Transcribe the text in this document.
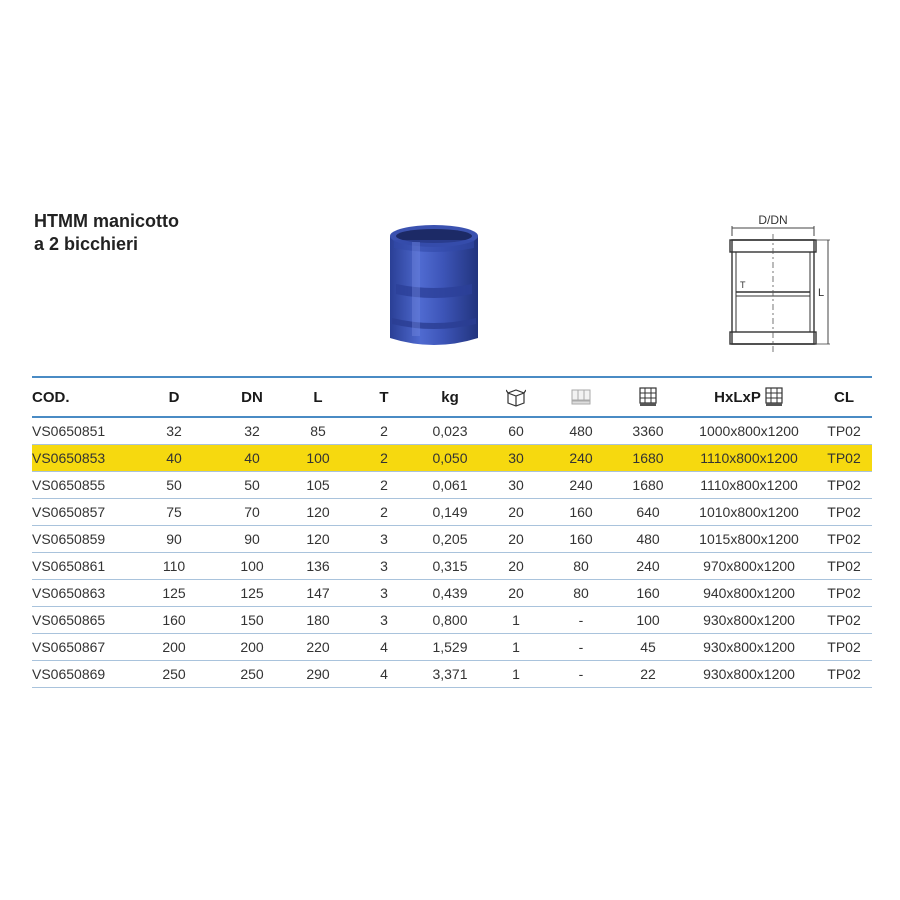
HTMM manicotto
a 2 bicchieri
D/DN
T
L
COD.	D	DN	L	T	kg				HxLxP	CL
VS0650851	32	32	85	2	0,023	60	480	3360	1000x800x1200	TP02
VS0650853	40	40	100	2	0,050	30	240	1680	1110x800x1200	TP02
VS0650855	50	50	105	2	0,061	30	240	1680	1110x800x1200	TP02
VS0650857	75	70	120	2	0,149	20	160	640	1010x800x1200	TP02
VS0650859	90	90	120	3	0,205	20	160	480	1015x800x1200	TP02
VS0650861	110	100	136	3	0,315	20	80	240	970x800x1200	TP02
VS0650863	125	125	147	3	0,439	20	80	160	940x800x1200	TP02
VS0650865	160	150	180	3	0,800	1	-	100	930x800x1200	TP02
VS0650867	200	200	220	4	1,529	1	-	45	930x800x1200	TP02
VS0650869	250	250	290	4	3,371	1	-	22	930x800x1200	TP02
